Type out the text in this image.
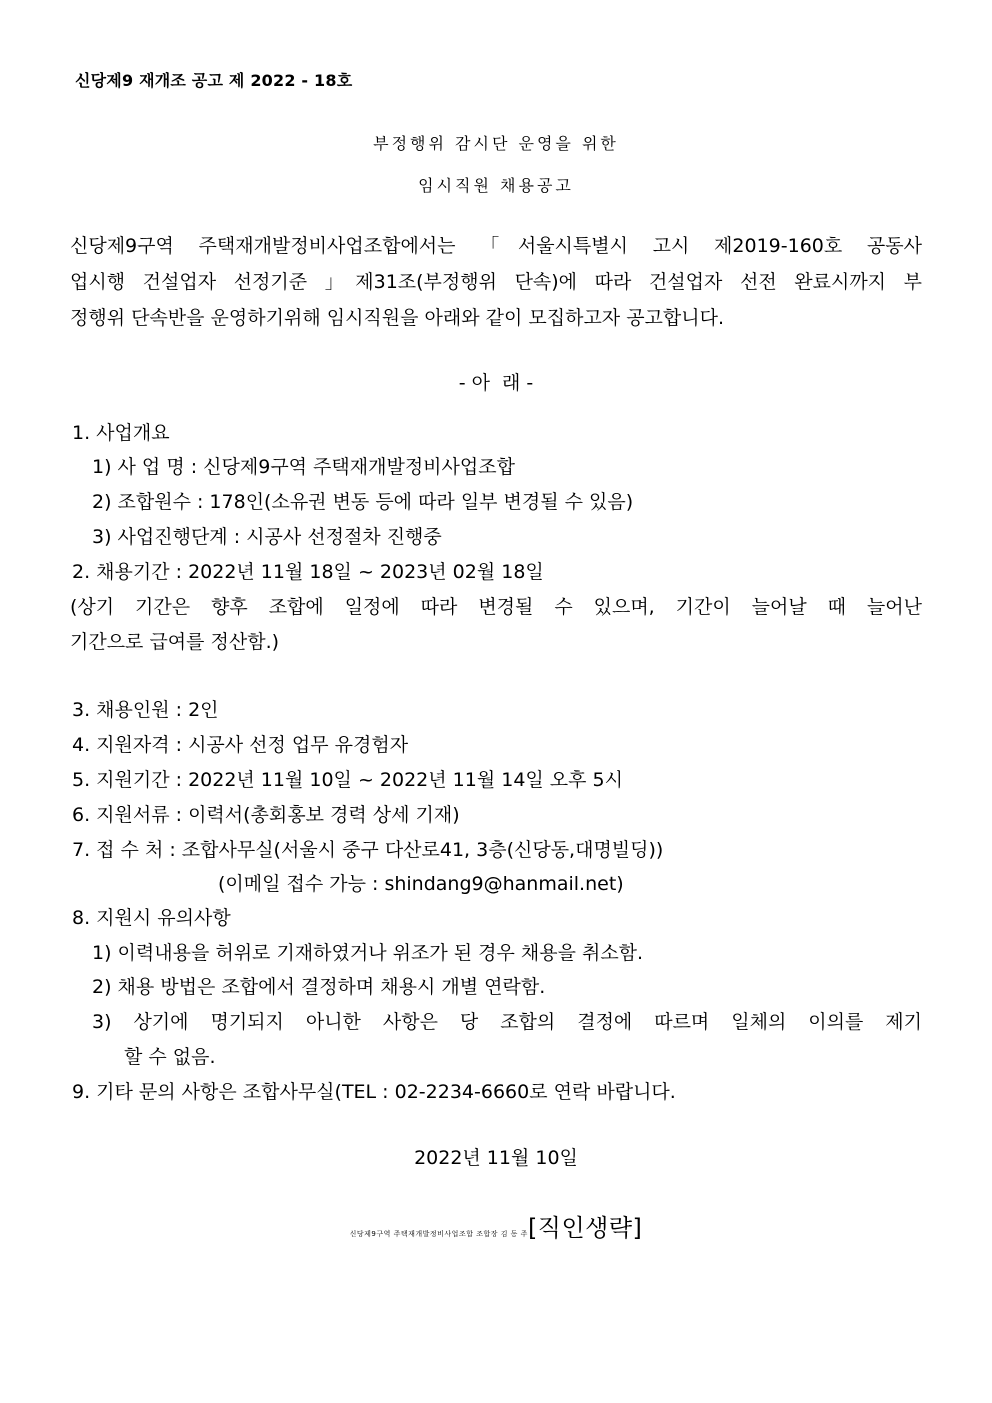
신당제9 재개조 공고 제 2022 - 18호
부정행위 감시단 운영을 위한
임시직원 채용공고
신당제9구역 주택재개발정비사업조합에서는 「서울시특별시 고시 제2019-160호 공동사
업시행 건설업자 선정기준 」제31조(부정행위 단속)에 따라 건설업자 선전 완료시까지 부
정행위 단속반을 운영하기위해 임시직원을 아래와 같이 모집하고자 공고합니다.
- 아  래 -
1. 사업개요
1) 사 업 명 : 신당제9구역 주택재개발정비사업조합
2) 조합원수 : 178인(소유권 변동 등에 따라 일부 변경될 수 있음)
3) 사업진행단계 : 시공사 선정절차 진행중
2. 채용기간 : 2022년 11월 18일 ~ 2023년 02월 18일
(상기 기간은 향후 조합에 일정에 따라 변경될 수 있으며, 기간이 늘어날 때 늘어난
기간으로 급여를 정산함.)
3. 채용인원 : 2인
4. 지원자격 : 시공사 선정 업무 유경험자
5. 지원기간 : 2022년 11월 10일 ~ 2022년 11월 14일 오후 5시
6. 지원서류 : 이력서(총회홍보 경력 상세 기재)
7. 접 수 처 : 조합사무실(서울시 중구 다산로41, 3층(신당동,대명빌딩))
(이메일 접수 가능 : shindang9@hanmail.net)
8. 지원시 유의사항
1) 이력내용을 허위로 기재하였거나 위조가 된 경우 채용을 취소함.
2) 채용 방법은 조합에서 결정하며 채용시 개별 연락함.
3) 상기에 명기되지 아니한 사항은 당 조합의 결정에 따르며 일체의 이의를 제기
할 수 없음.
9. 기타 문의 사항은 조합사무실(TEL : 02-2234-6660로 연락 바랍니다.
2022년 11월 10일
신당제9구역 주택재개발정비사업조합 조합장 김 동 주[직인생략]
